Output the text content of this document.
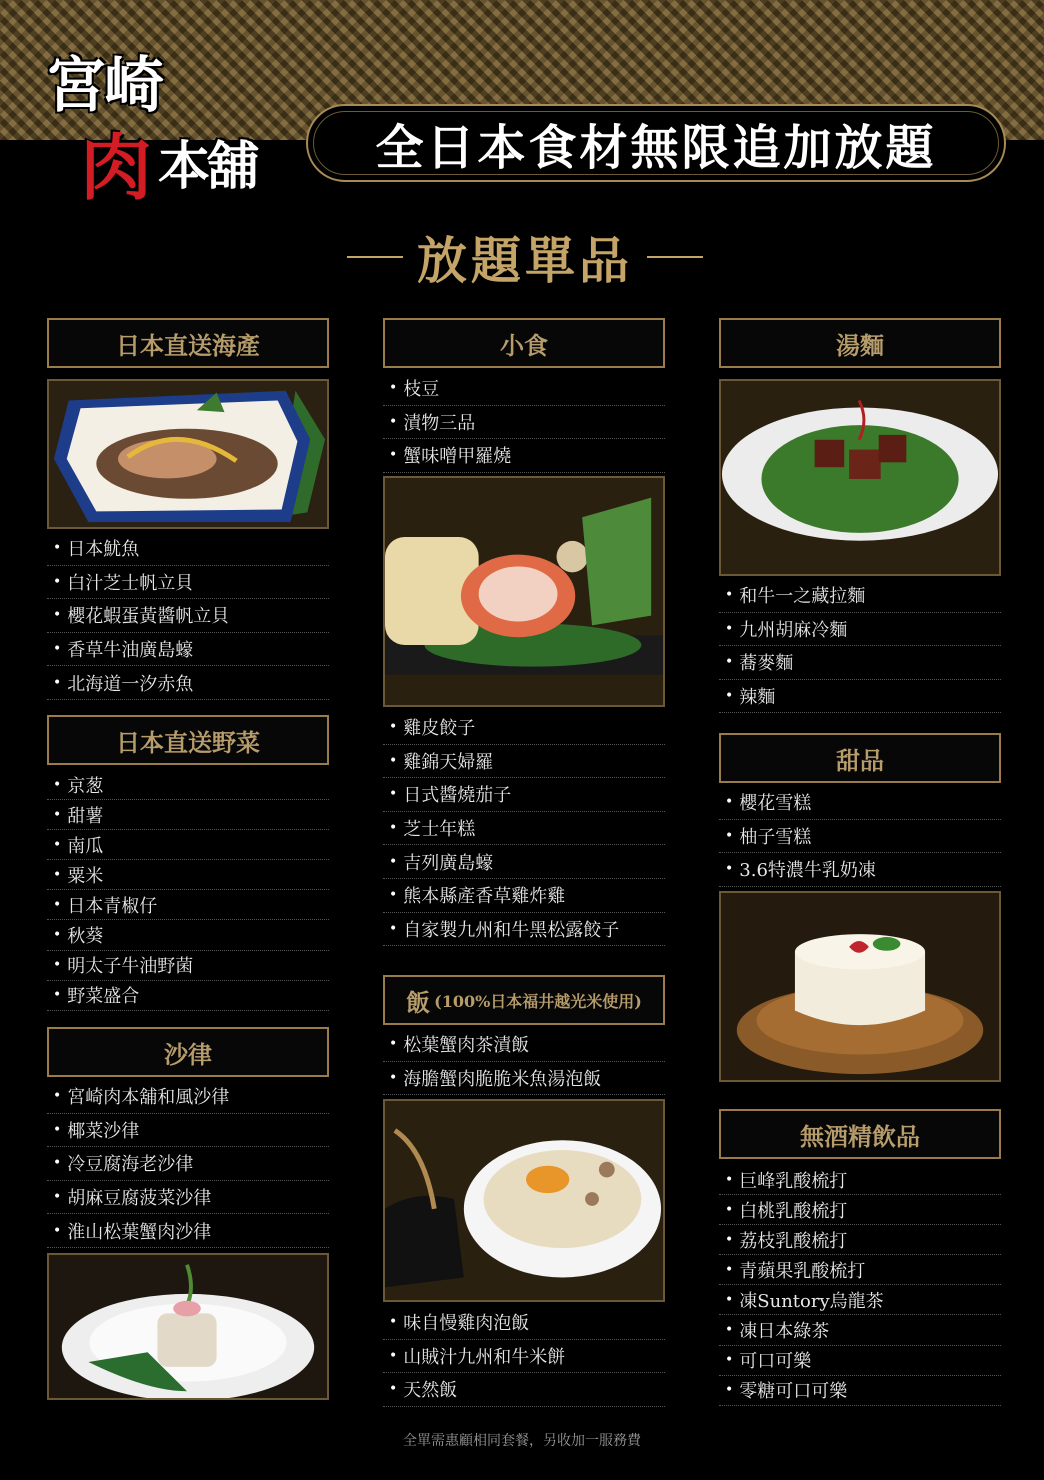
宮崎
肉 本舖 全日本食材無限追加放題
放題單品
日本直送海產
• 日本魷魚
• 白汁芝士帆立貝
• 櫻花蝦蛋黃醬帆立貝
• 香草牛油廣島蠔
• 北海道一汐赤魚
日本直送野菜
• 京葱
• 甜薯
• 南瓜
• 粟米
• 日本青椒仔
• 秋葵
• 明太子牛油野菌
• 野菜盛合
沙律
• 宮崎肉本舖和風沙律
• 椰菜沙律
• 冷豆腐海老沙律
• 胡麻豆腐菠菜沙律
• 淮山松葉蟹肉沙律
小食
• 枝豆
• 漬物三品
• 蟹味噌甲羅燒
• 雞皮餃子
• 雞錦天婦羅
• 日式醬燒茄子
• 芝士年糕
• 吉列廣島蠔
• 熊本縣產香草雞炸雞
• 自家製九州和牛黑松露餃子
飯 (100%日本福井越光米使用)
• 松葉蟹肉茶漬飯
• 海膽蟹肉脆脆米魚湯泡飯
• 味自慢雞肉泡飯
• 山賊汁九州和牛米餅
• 天然飯
湯麵
• 和牛一之藏拉麵
• 九州胡麻冷麵
• 蕎麥麵
• 辣麵
甜品
• 櫻花雪糕
• 柚子雪糕
• 3.6特濃牛乳奶凍
無酒精飲品
• 巨峰乳酸梳打
• 白桃乳酸梳打
• 荔枝乳酸梳打
• 青蘋果乳酸梳打
• 凍Suntory烏龍茶
• 凍日本綠茶
• 可口可樂
• 零糖可口可樂
全單需惠顧相同套餐，另收加一服務費
